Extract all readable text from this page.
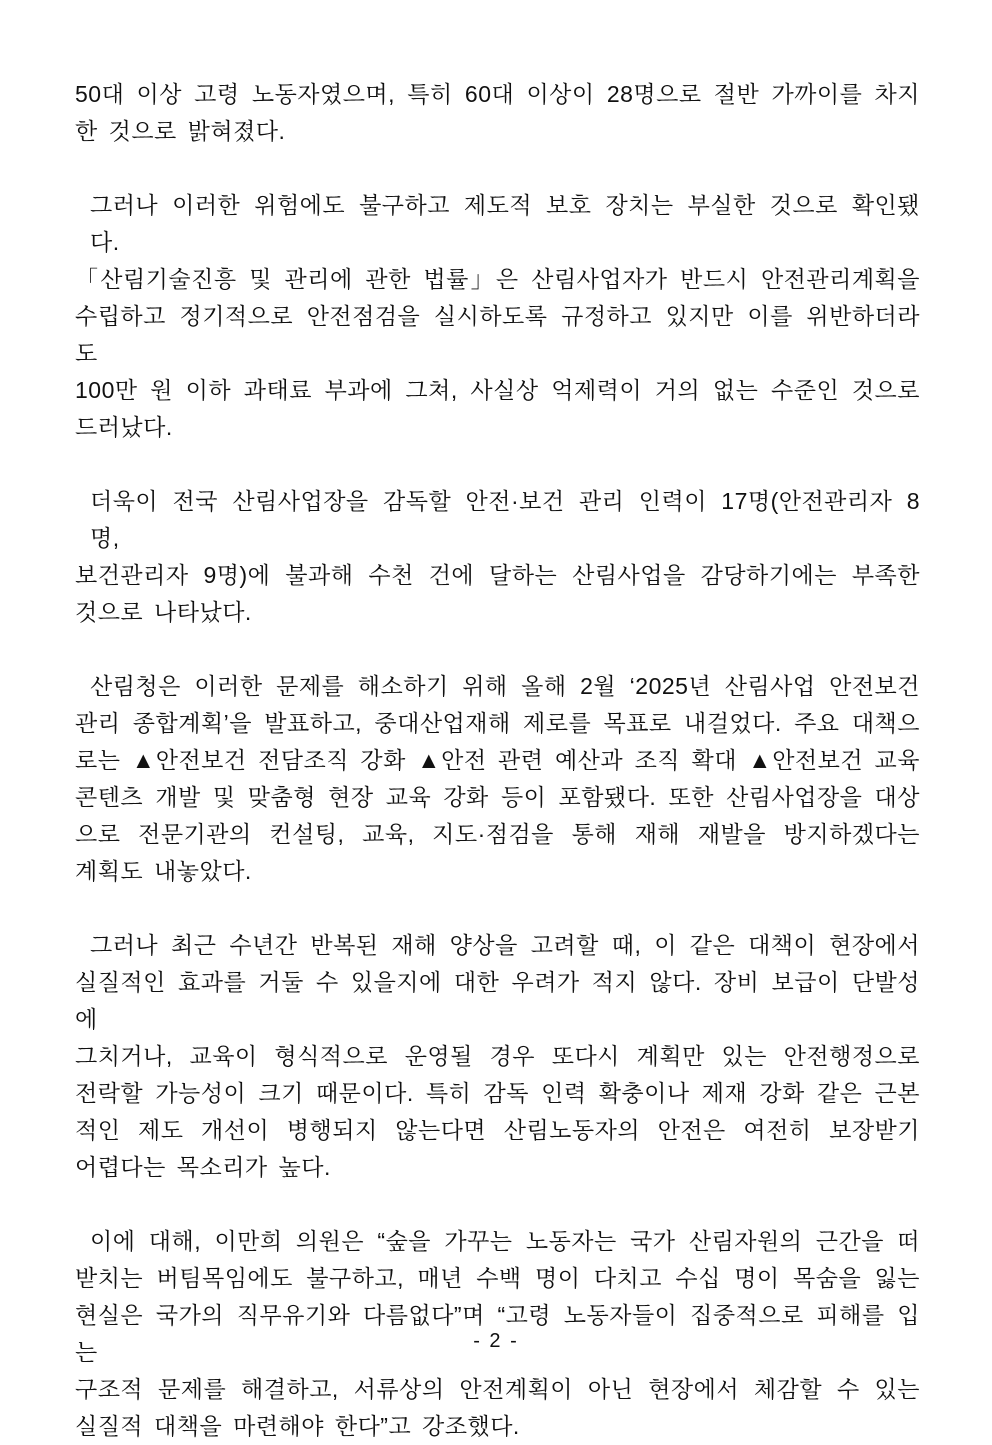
50대 이상 고령 노동자였으며, 특히 60대 이상이 28명으로 절반 가까이를 차지
한 것으로 밝혀졌다.

그러나 이러한 위험에도 불구하고 제도적 보호 장치는 부실한 것으로 확인됐다.
「산림기술진흥 및 관리에 관한 법률」은 산림사업자가 반드시 안전관리계획을
수립하고 정기적으로 안전점검을 실시하도록 규정하고 있지만 이를 위반하더라도
100만 원 이하 과태료 부과에 그쳐, 사실상 억제력이 거의 없는 수준인 것으로
드러났다.

더욱이 전국 산림사업장을 감독할 안전·보건 관리 인력이 17명(안전관리자 8명,
보건관리자 9명)에 불과해 수천 건에 달하는 산림사업을 감당하기에는 부족한
것으로 나타났다.

산림청은 이러한 문제를 해소하기 위해 올해 2월 ‘2025년 산림사업 안전보건
관리 종합계획’을 발표하고, 중대산업재해 제로를 목표로 내걸었다. 주요 대책으
로는 ▲안전보건 전담조직 강화 ▲안전 관련 예산과 조직 확대 ▲안전보건 교육
콘텐츠 개발 및 맞춤형 현장 교육 강화 등이 포함됐다. 또한 산림사업장을 대상
으로 전문기관의 컨설팅, 교육, 지도·점검을 통해 재해 재발을 방지하겠다는
계획도 내놓았다.

그러나 최근 수년간 반복된 재해 양상을 고려할 때, 이 같은 대책이 현장에서
실질적인 효과를 거둘 수 있을지에 대한 우려가 적지 않다. 장비 보급이 단발성에
그치거나, 교육이 형식적으로 운영될 경우 또다시 계획만 있는 안전행정으로
전락할 가능성이 크기 때문이다. 특히 감독 인력 확충이나 제재 강화 같은 근본
적인 제도 개선이 병행되지 않는다면 산림노동자의 안전은 여전히 보장받기
어렵다는 목소리가 높다.

이에 대해, 이만희 의원은 “숲을 가꾸는 노동자는 국가 산림자원의 근간을 떠
받치는 버팀목임에도 불구하고, 매년 수백 명이 다치고 수십 명이 목숨을 잃는
현실은 국가의 직무유기와 다름없다”며 “고령 노동자들이 집중적으로 피해를 입는
구조적 문제를 해결하고, 서류상의 안전계획이 아닌 현장에서 체감할 수 있는
실질적 대책을 마련해야 한다”고 강조했다.

- 2 -
